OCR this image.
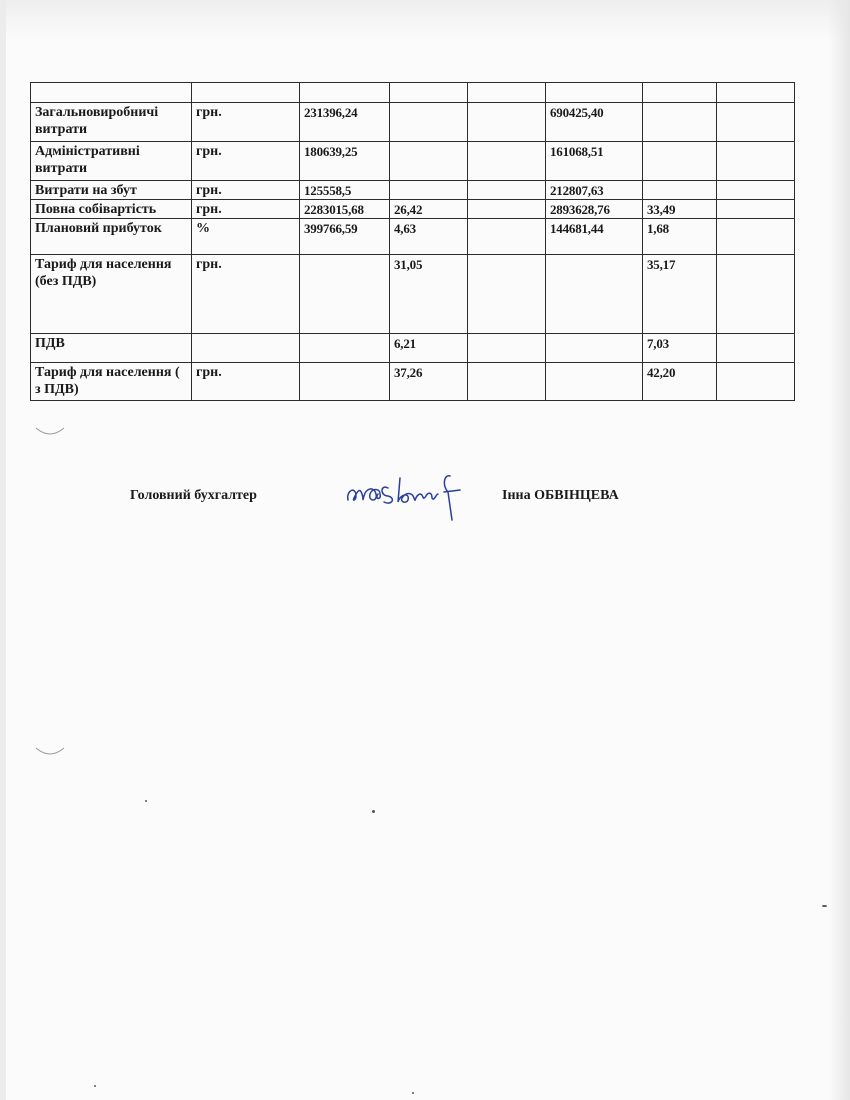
Загальновиробничі витрати	грн.	231396,24			690425,40		
Адміністративні витрати	грн.	180639,25			161068,51		
Витрати на збут	грн.	125558,5			212807,63		
Повна собівартість	грн.	2283015,68	26,42		2893628,76	33,49	
Плановий прибуток	%	399766,59	4,63		144681,44	1,68	
Тариф для населення (без ПДВ)	грн.		31,05			35,17	
ПДВ			6,21			7,03	
Тариф для населення ( з ПДВ)	грн.		37,26			42,20	
Головний бухгалтер	Інна ОБВІНЦЕВА
